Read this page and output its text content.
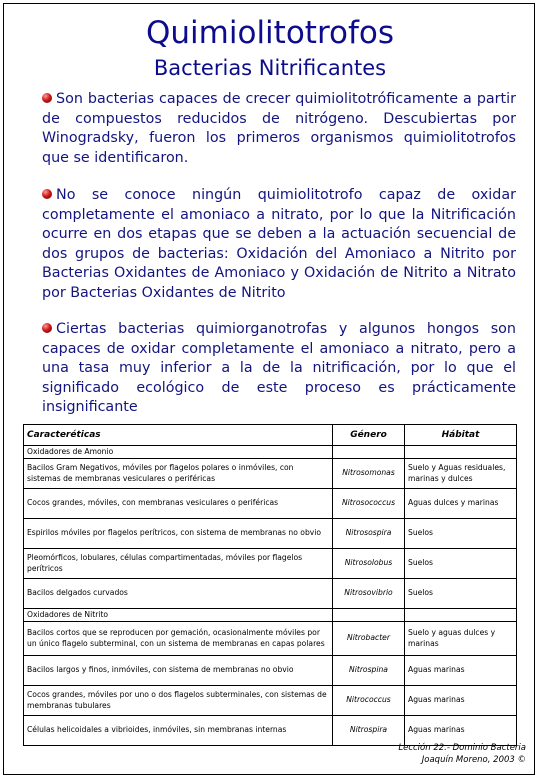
Quimiolitotrofos
Bacterias Nitrificantes

Son bacterias capaces de crecer quimiolitotróficamente a partir de compuestos reducidos de nitrógeno. Descubiertas por Winogradsky, fueron los primeros organismos quimiolitotrofos que se identificaron.

No se conoce ningún quimiolitotrofo capaz de oxidar completamente el amoniaco a nitrato, por lo que la Nitrificación ocurre en dos etapas que se deben a la actuación secuencial de dos grupos de bacterias: Oxidación del Amoniaco a Nitrito por Bacterias Oxidantes de Amoniaco y Oxidación de Nitrito a Nitrato por Bacterias Oxidantes de Nitrito

Ciertas bacterias quimiorganotrofas y algunos hongos son capaces de oxidar completamente el amoniaco a nitrato, pero a una tasa muy inferior a la de la nitrificación, por lo que el significado ecológico de este proceso es prácticamente insignificante

Caracteréticas	Género	Hábitat
Oxidadores de Amonio		
Bacilos Gram Negativos, móviles por flagelos polares o inmóviles, con sistemas de membranas vesiculares o periféricas	Nitrosomonas	Suelo y Aguas residuales, marinas y dulces
Cocos grandes, móviles, con membranas vesiculares o periféricas	Nitrosococcus	Aguas dulces y marinas
Espirilos móviles por flagelos perítricos, con sistema de membranas no obvio	Nitrosospira	Suelos
Pleomórficos, lobulares, células compartimentadas, móviles por flagelos perítricos	Nitrosolobus	Suelos
Bacilos delgados curvados	Nitrosovibrio	Suelos
Oxidadores de Nitrito		
Bacilos cortos que se reproducen por gemación, ocasionalmente móviles por un único flagelo subterminal, con un sistema de membranas en capas polares	Nitrobacter	Suelo y aguas dulces y marinas
Bacilos largos y finos, inmóviles, con sistema de membranas no obvio	Nitrospina	Aguas marinas
Cocos grandes, móviles por uno o dos flagelos subterminales, con sistemas de membranas tubulares	Nitrococcus	Aguas marinas
Células helicoidales a vibrioides, inmóviles, sin membranas internas	Nitrospira	Aguas marinas
Lección 22.- Dominio Bacteria
Joaquín Moreno, 2003 ©
